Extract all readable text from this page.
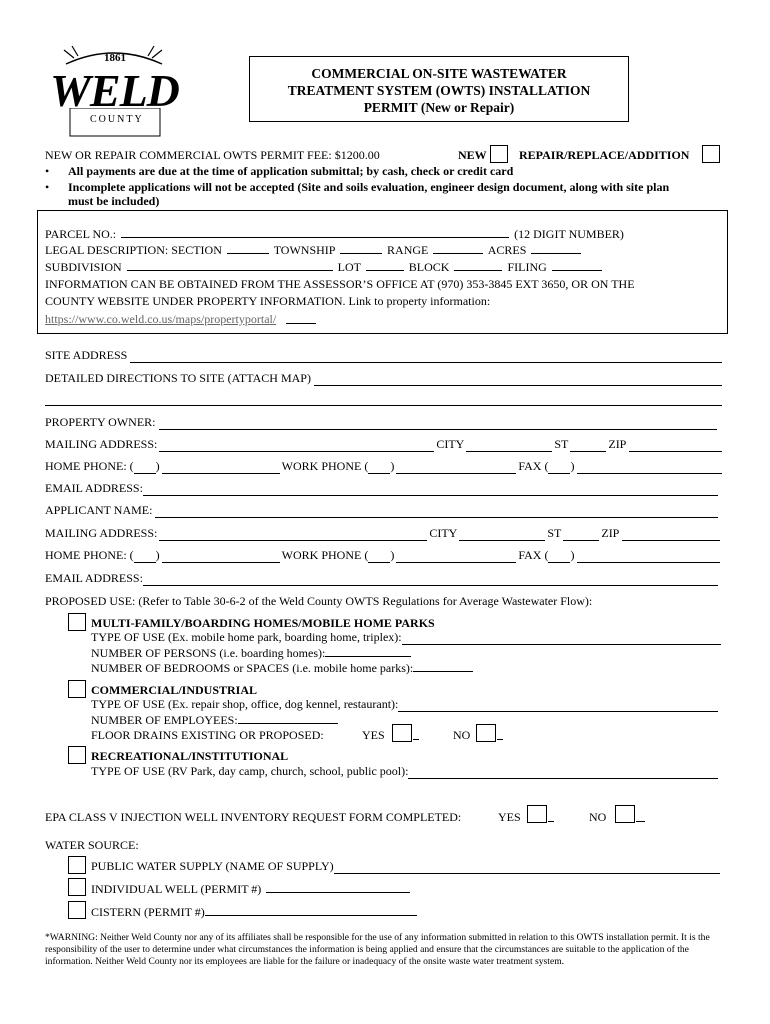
1861
WELD
COUNTY
COMMERCIAL ON-SITE WASTEWATER
TREATMENT SYSTEM (OWTS) INSTALLATION
PERMIT (New or Repair)
NEW OR REPAIR COMMERCIAL OWTS PERMIT FEE: $1200.00	NEW	REPAIR/REPLACE/ADDITION
• All payments are due at the time of application submittal; by cash, check or credit card
• Incomplete applications will not be accepted (Site and soils evaluation, engineer design document, along with site plan
must be included)
PARCEL NO.:	(12 DIGIT NUMBER)
LEGAL DESCRIPTION: SECTION	TOWNSHIP	RANGE	ACRES
SUBDIVISION	LOT	BLOCK	FILING
INFORMATION CAN BE OBTAINED FROM THE ASSESSOR’S OFFICE AT (970) 353-3845 EXT 3650, OR ON THE
COUNTY WEBSITE UNDER PROPERTY INFORMATION. Link to property information:
https://www.co.weld.co.us/maps/propertyportal/
SITE ADDRESS
DETAILED DIRECTIONS TO SITE (ATTACH MAP)
PROPERTY OWNER:
MAILING ADDRESS:	CITY	ST	ZIP
HOME PHONE: ( )	WORK PHONE ( )	FAX ( )
EMAIL ADDRESS:
APPLICANT NAME:
MAILING ADDRESS:	CITY	ST	ZIP
HOME PHONE: ( )	WORK PHONE ( )	FAX ( )
EMAIL ADDRESS:
PROPOSED USE: (Refer to Table 30-6-2 of the Weld County OWTS Regulations for Average Wastewater Flow):
MULTI-FAMILY/BOARDING HOMES/MOBILE HOME PARKS
TYPE OF USE (Ex. mobile home park, boarding home, triplex):
NUMBER OF PERSONS (i.e. boarding homes):
NUMBER OF BEDROOMS or SPACES (i.e. mobile home parks):
COMMERCIAL/INDUSTRIAL
TYPE OF USE (Ex. repair shop, office, dog kennel, restaurant):
NUMBER OF EMPLOYEES:
FLOOR DRAINS EXISTING OR PROPOSED:	YES	NO
RECREATIONAL/INSTITUTIONAL
TYPE OF USE (RV Park, day camp, church, school, public pool):
EPA CLASS V INJECTION WELL INVENTORY REQUEST FORM COMPLETED:	YES	NO
WATER SOURCE:
PUBLIC WATER SUPPLY (NAME OF SUPPLY)
INDIVIDUAL WELL (PERMIT #)
CISTERN (PERMIT #)
*WARNING: Neither Weld County nor any of its affiliates shall be responsible for the use of any information submitted in relation to this OWTS installation permit. It is the responsibility of the user to determine under what circumstances the information is being applied and ensure that the circumstances are suitable to the application of the information. Neither Weld County nor its employees are liable for the failure or inadequacy of the onsite waste water treatment system.
